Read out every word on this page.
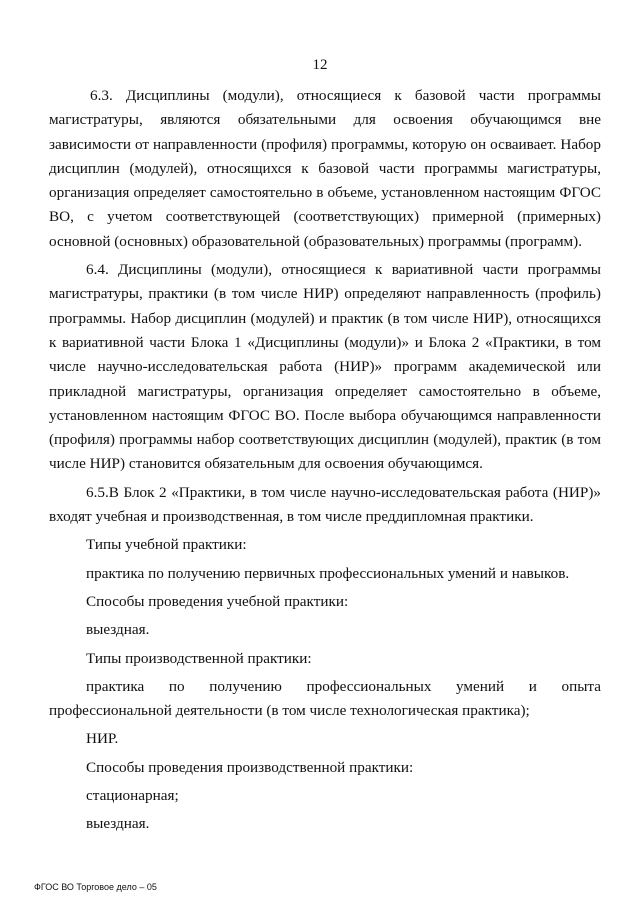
12

6.3. Дисциплины (модули), относящиеся к базовой части программы магистратуры, являются обязательными для освоения обучающимся вне зависимости от направленности (профиля) программы, которую он осваивает. Набор дисциплин (модулей), относящихся к базовой части программы магистратуры, организация определяет самостоятельно в объеме, установленном настоящим ФГОС ВО, с учетом соответствующей (соответствующих) примерной (примерных) основной (основных) образовательной (образовательных) программы (программ).

6.4. Дисциплины (модули), относящиеся к вариативной части программы магистратуры, практики (в том числе НИР) определяют направленность (профиль) программы. Набор дисциплин (модулей) и практик (в том числе НИР), относящихся к вариативной части Блока 1 «Дисциплины (модули)» и Блока 2 «Практики, в том числе научно-исследовательская работа (НИР)» программ академической или прикладной магистратуры, организация определяет самостоятельно в объеме, установленном настоящим ФГОС ВО. После выбора обучающимся направленности (профиля) программы набор соответствующих дисциплин (модулей), практик (в том числе НИР) становится обязательным для освоения обучающимся.

6.5.В Блок 2 «Практики, в том числе научно-исследовательская работа (НИР)» входят учебная и производственная, в том числе преддипломная практики.

Типы учебной практики:

практика по получению первичных профессиональных умений и навыков.

Способы проведения учебной практики:

выездная.

Типы производственной практики:

практика по получению профессиональных умений и опыта профессиональной деятельности (в том числе технологическая практика);

НИР.

Способы проведения производственной практики:

стационарная;

выездная.

ФГОС ВО Торговое дело – 05
